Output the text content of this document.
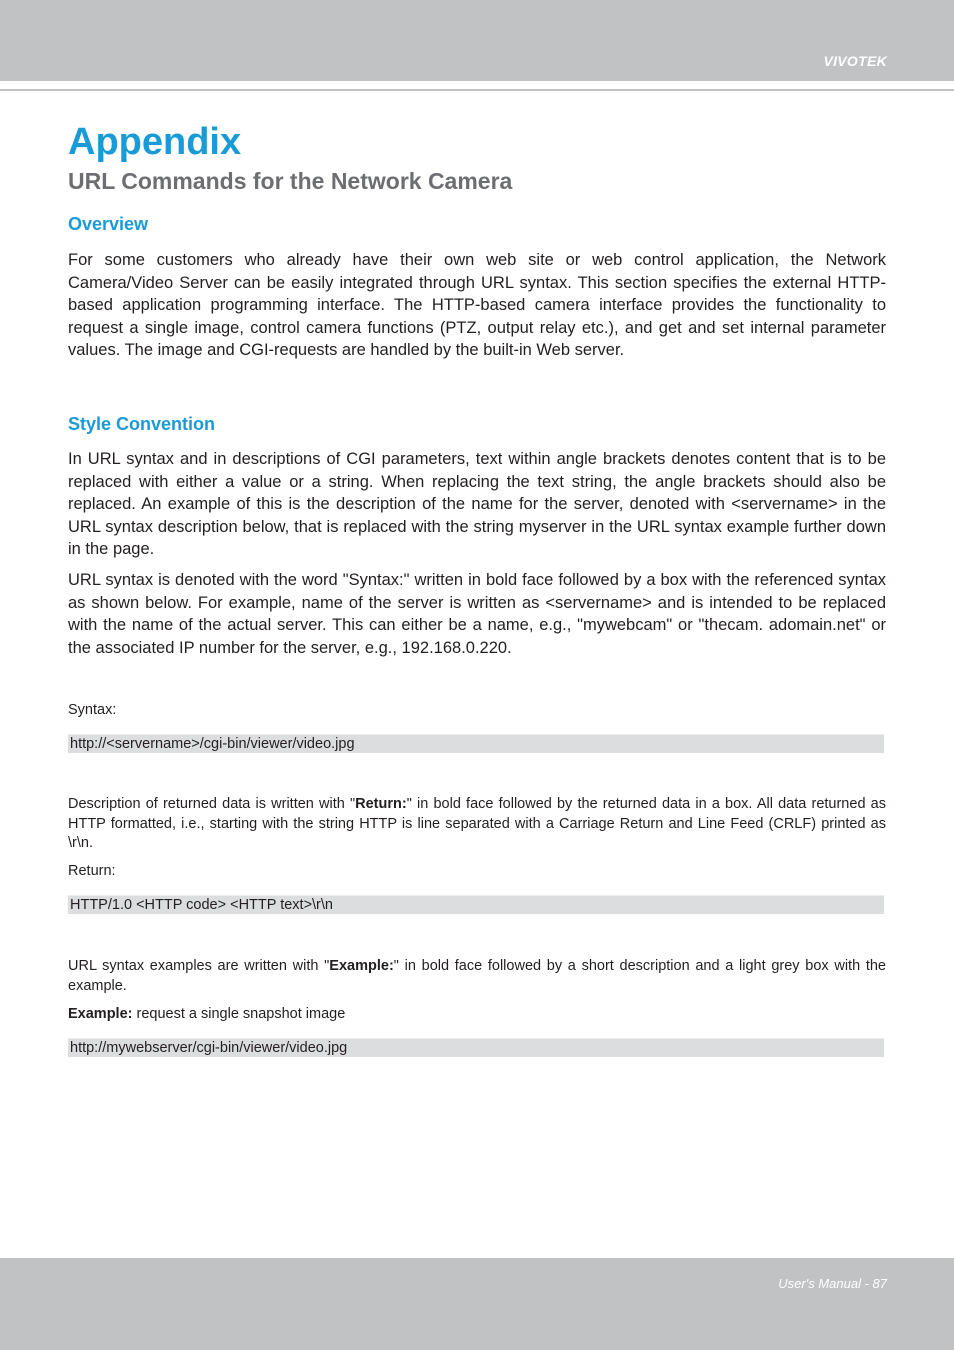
VIVOTEK
Appendix
URL Commands for the Network Camera
Overview

For some customers who already have their own web site or web control application, the Network Camera/Video Server can be easily integrated through URL syntax. This section specifies the external HTTP-based application programming interface. The HTTP-based camera interface provides the functionality to request a single image, control camera functions (PTZ, output relay etc.), and get and set internal parameter values. The image and CGI-requests are handled by the built-in Web server.

Style Convention

In URL syntax and in descriptions of CGI parameters, text within angle brackets denotes content that is to be replaced with either a value or a string. When replacing the text string, the angle brackets should also be replaced. An example of this is the description of the name for the server, denoted with <servername> in the URL syntax description below, that is replaced with the string myserver in the URL syntax example further down in the page.

URL syntax is denoted with the word "Syntax:" written in bold face followed by a box with the referenced syntax as shown below. For example, name of the server is written as <servername> and is intended to be replaced with the name of the actual server. This can either be a name, e.g., "mywebcam" or "thecam. adomain.net" or the associated IP number for the server, e.g., 192.168.0.220.

Syntax:

http://<servername>/cgi-bin/viewer/video.jpg

Description of returned data is written with "Return:" in bold face followed by the returned data in a box. All data returned as HTTP formatted, i.e., starting with the string HTTP is line separated with a Carriage Return and Line Feed (CRLF) printed as \r\n.

Return:

HTTP/1.0 <HTTP code> <HTTP text>\r\n

URL syntax examples are written with "Example:" in bold face followed by a short description and a light grey box with the example.

Example: request a single snapshot image

http://mywebserver/cgi-bin/viewer/video.jpg
User's Manual - 87
